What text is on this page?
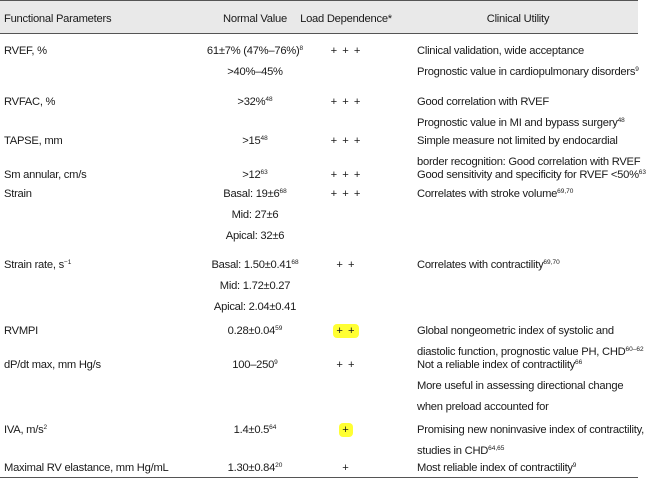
Functional Parameters	Normal Value	Load Dependence*	Clinical Utility
RVEF, %	61±7% $(47\%-76\%)^8$	+ + +	Clinical validation, wide acceptance
>40%–45%	Prognostic value in cardiopulmonary disorders$^9$
RVFAC, %	>32%$^{48}$	+ + +	Good correlation with RVEF
Prognostic value in MI and bypass surgery$^{48}$
TAPSE, mm	$>15^{48}$	+ + +	Simple measure not limited by endocardial
border recognition: Good correlation with RVEF
Sm annular, cm/s	$>12^{63}$	+ + +	Good sensitivity and specificity for RVEF <50%$^{63}$
Strain	Basal: $19\pm 6^{68}$	+ + +	Correlates with stroke volume$^{69,70}$
Mid: 27±6
Apical: 32±6
Strain rate, $s^{-1}$	Basal: $1.50\pm 0.41^{68}$	+ +	Correlates with contractility$^{69,70}$
Mid: 1.72±0.27
Apical: 2.04±0.41
RVMPI	$0.28\pm 0.04^{59}$	+ +	Global nongeometric index of systolic and
diastolic function, prognostic value PH, CHD$^{60-62}$
dP/dt max, mm Hg/s	$100-250^9$	+ +	Not a reliable index of contractility$^{66}$
More useful in assessing directional change
when preload accounted for
IVA, $m/s^2$	$1.4\pm 0.5^{64}$	+	Promising new noninvasive index of contractility,
studies in CHD$^{64,65}$
Maximal RV elastance, mm Hg/mL	$1.30\pm 0.84^{20}$	+	Most reliable index of contractility$^9$
